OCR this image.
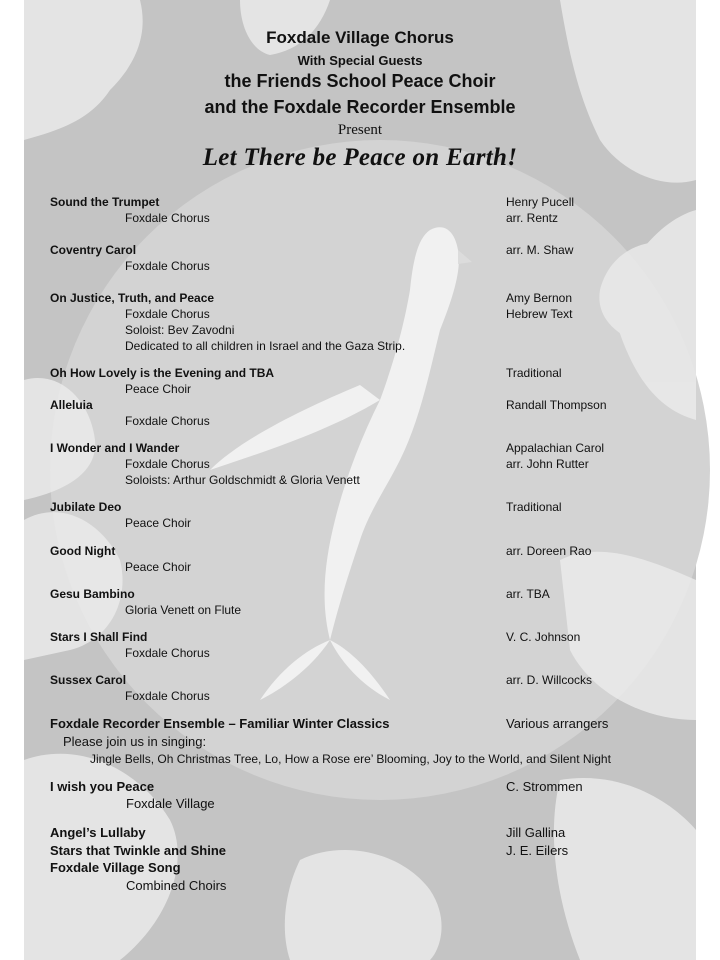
Foxdale Village Chorus
With Special Guests
the Friends School Peace Choir
and the Foxdale Recorder Ensemble
Present
Let There be Peace on Earth!
Sound the Trumpet	Henry Pucell
Foxdale Chorus	arr. Rentz
Coventry Carol	arr. M. Shaw
Foxdale Chorus
On Justice, Truth, and Peace	Amy Bernon
Foxdale Chorus	Hebrew Text
Soloist: Bev Zavodni
Dedicated to all children in Israel and the Gaza Strip.
Oh How Lovely is the Evening and TBA	Traditional
Peace Choir
Alleluia	Randall Thompson
Foxdale Chorus
I Wonder and I Wander	Appalachian Carol
Foxdale Chorus	arr. John Rutter
Soloists: Arthur Goldschmidt & Gloria Venett
Jubilate Deo	Traditional
Peace Choir
Good Night	arr. Doreen Rao
Peace Choir
Gesu Bambino	arr. TBA
Gloria Venett on Flute
Stars I Shall Find	V. C. Johnson
Foxdale Chorus
Sussex Carol	arr. D. Willcocks
Foxdale Chorus
Foxdale Recorder Ensemble – Familiar Winter Classics	Various arrangers
Please join us in singing:
Jingle Bells, Oh Christmas Tree, Lo, How a Rose ere’ Blooming, Joy to the World, and Silent Night
I wish you Peace	C. Strommen
Foxdale Village
Angel’s Lullaby	Jill Gallina
Stars that Twinkle and Shine	J. E. Eilers
Foxdale Village Song
Combined Choirs
